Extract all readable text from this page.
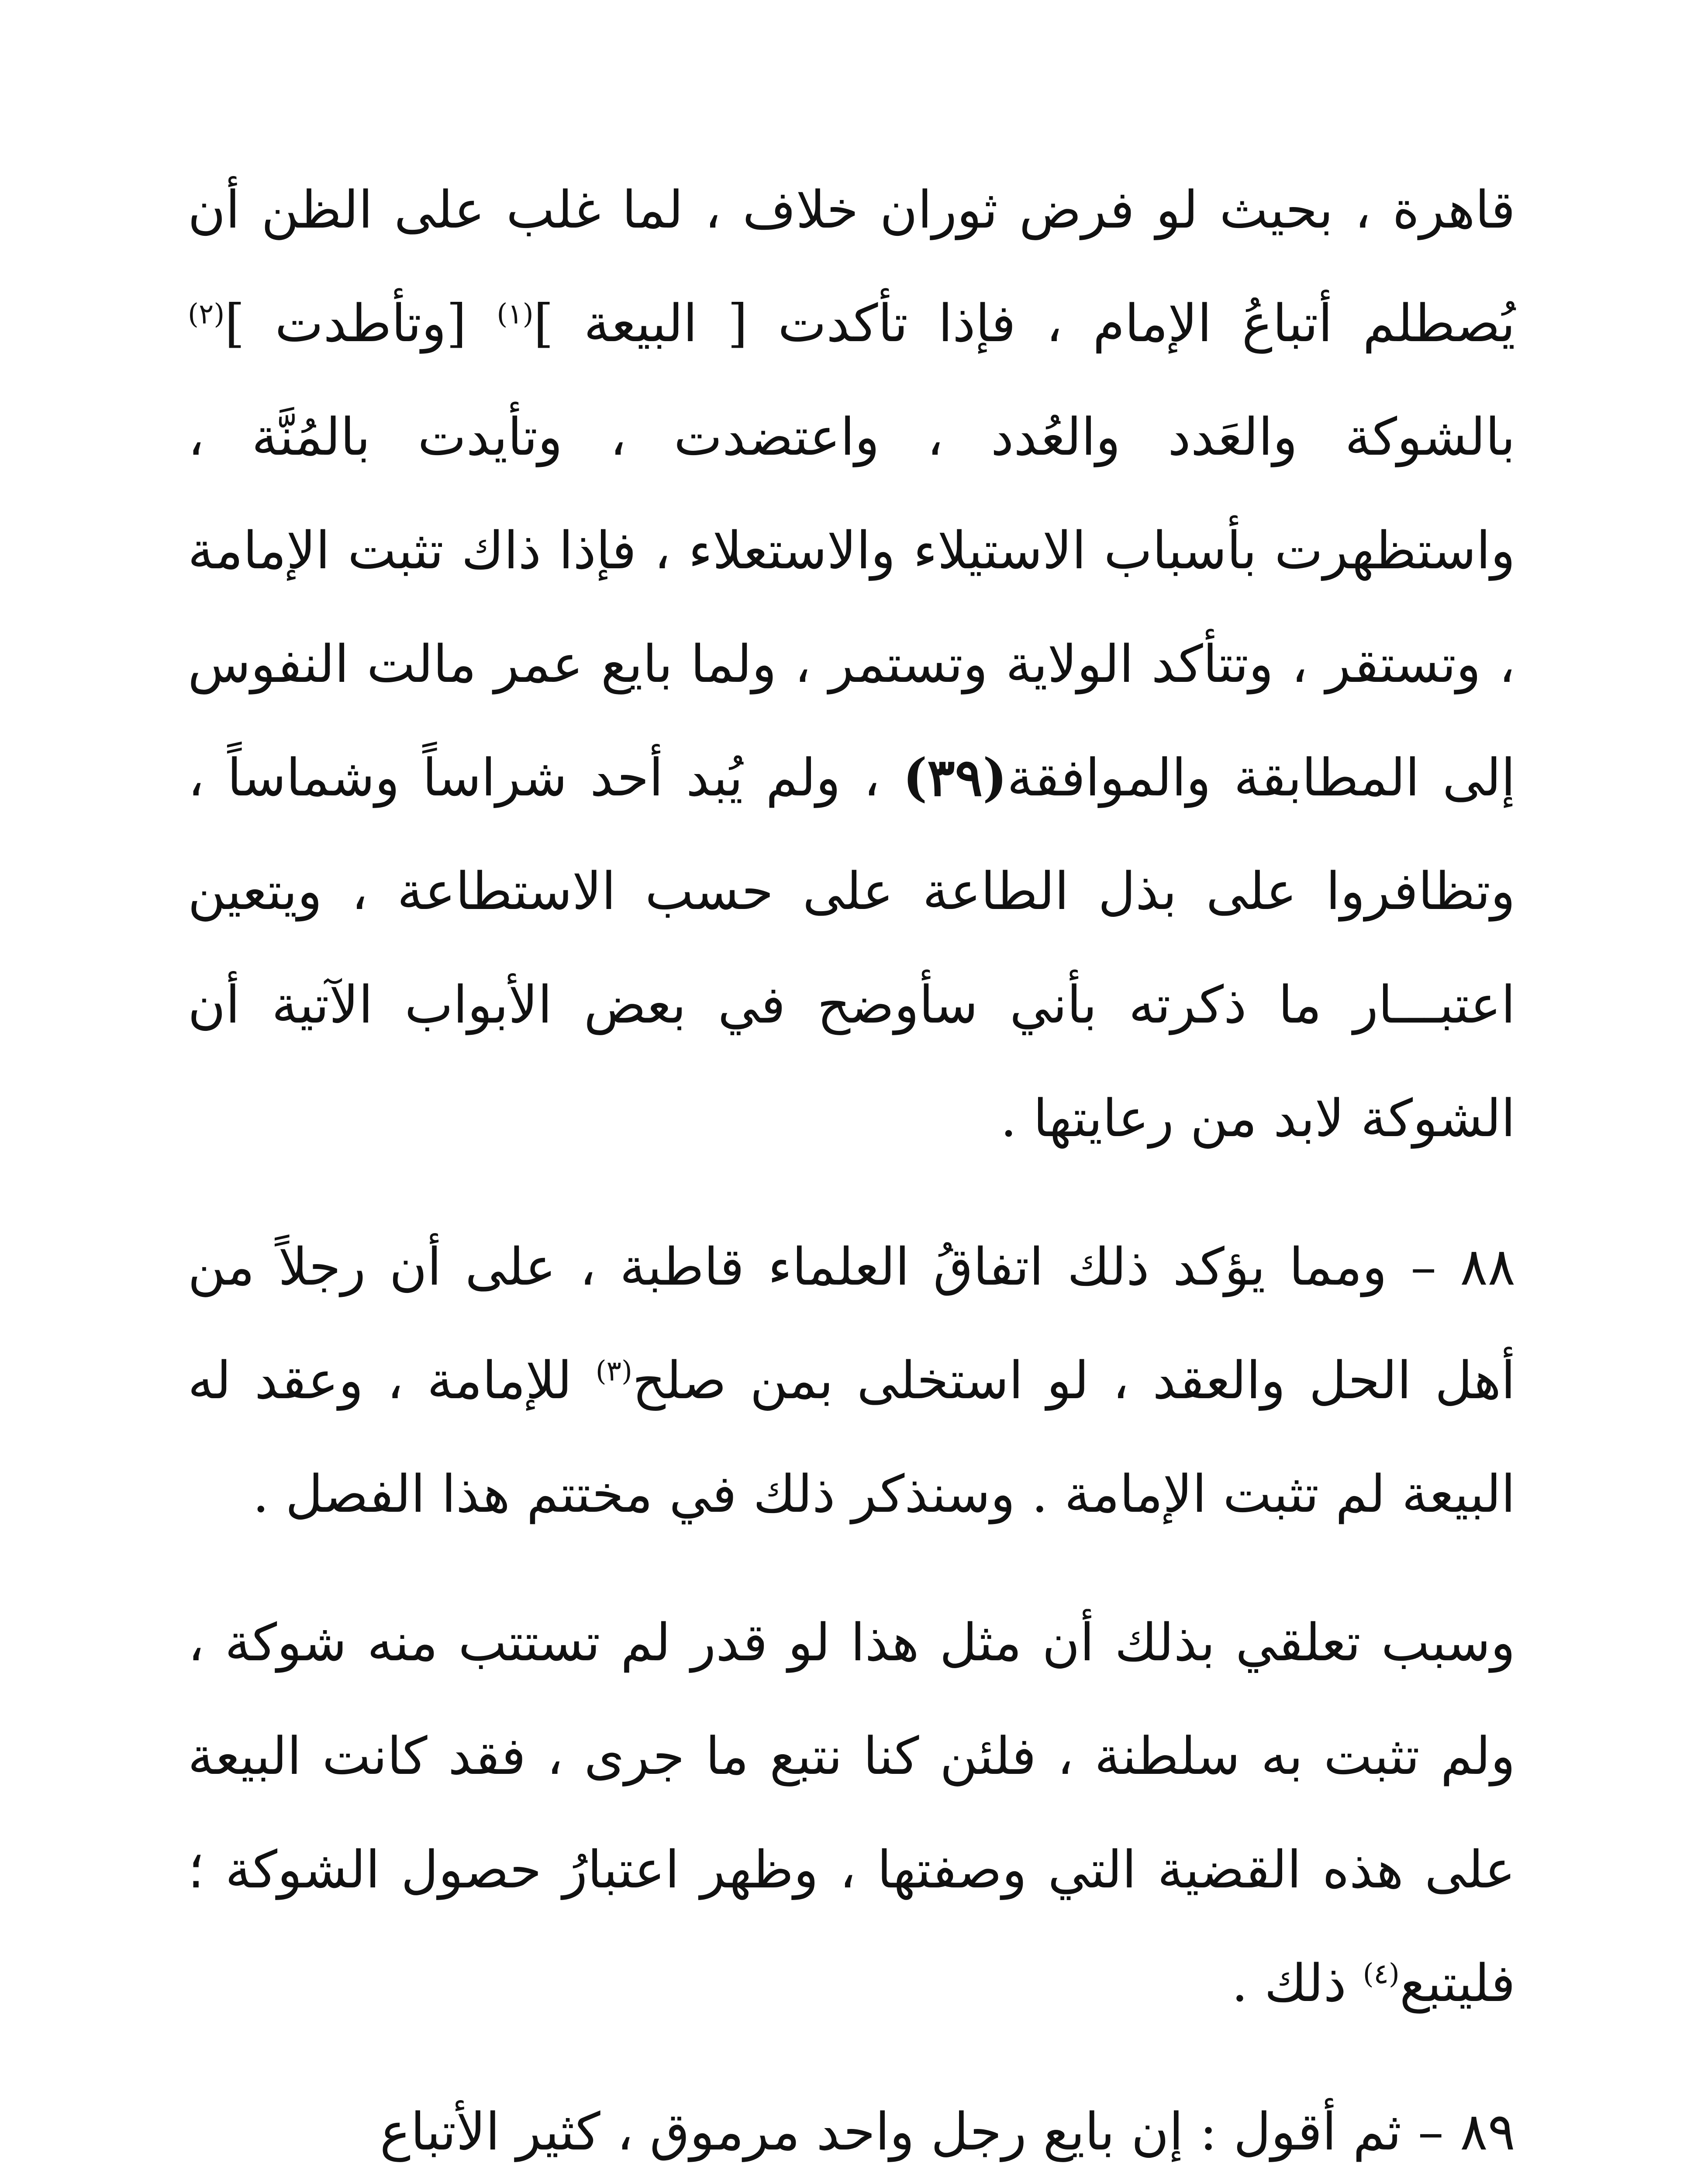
قاهرة ، بحيث لو فرض ثوران خلاف ، لما غلب على الظن أن يُصطلم أتباعُ الإمام ، فإذا تأكدت [ البيعة ]$^{(١)}$ [وتأطدت ]$^{(٢)}$ بالشوكة والعَدد والعُدد ، واعتضدت ، وتأيدت بالمُنَّة ، واستظهرت بأسباب الاستيلاء والاستعلاء ، فإذا ذاك تثبت الإمامة ، وتستقر ، وتتأكد الولاية وتستمر ، ولما بايع عمر مالت النفوس إلى المطابقة والموافقة(٣٩) ، ولم يُبد أحد شراساً وشماساً ، وتظافروا على بذل الطاعة على حسب الاستطاعة ، ويتعين اعتبـــار ما ذكرته بأني سأوضح في بعض الأبواب الآتية أن الشوكة لابد من رعايتها .

٨٨ – ومما يؤكد ذلك اتفاقُ العلماء قاطبة ، على أن رجلاً من أهل الحل والعقد ، لو استخلى بمن صلح$^{(٣)}$ للإمامة ، وعقد له البيعة لم تثبت الإمامة . وسنذكر ذلك في مختتم هذا الفصل .

وسبب تعلقي بذلك أن مثل هذا لو قدر لم تستتب منه شوكة ، ولم تثبت به سلطنة ، فلئن كنا نتبع ما جرى ، فقد كانت البيعة على هذه القضية التي وصفتها ، وظهر اعتبارُ حصول الشوكة ؛ فليتبع$^{(٤)}$ ذلك .

٨٩ – ثم أقول : إن بايع رجل واحد مرموق ، كثير الأتباع
